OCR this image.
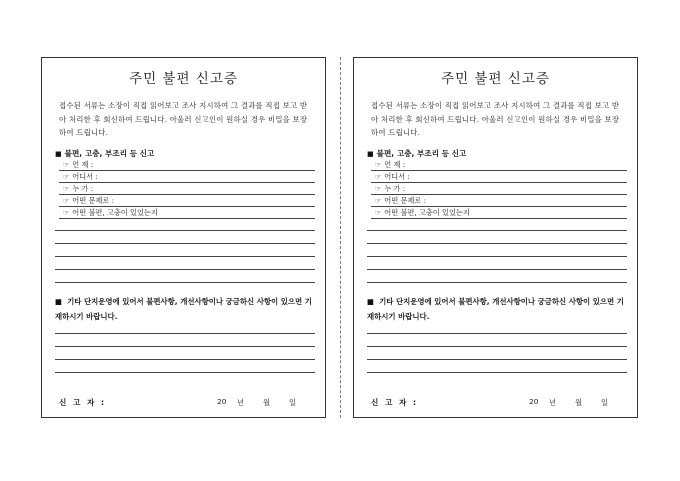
주민 불편 신고증
접수된 서류는 소장이 직접 읽어보고 조사 지시하여 그 결과를 직접 보고 받아 처리한 후 회신하여 드립니다. 아울러 신고인이 원하실 경우 비밀을 보장하여 드립니다.
■ 불편, 고충, 부조리 등 신고
☞ 언 제 :
☞ 어디서 :
☞ 누 가 :
☞ 어떤 문제로 :
☞ 어떤 불편, 고충이 있었는지
■  기타 단지운영에 있어서 불편사항, 개선사항이나 궁금하신 사항이 있으면 기재하시기 바랍니다.
신 고 자 :	20 년	월	일
주민 불편 신고증
접수된 서류는 소장이 직접 읽어보고 조사 지시하여 그 결과를 직접 보고 받아 처리한 후 회신하여 드립니다. 아울러 신고인이 원하실 경우 비밀을 보장하여 드립니다.
■ 불편, 고충, 부조리 등 신고
☞ 언 제 :
☞ 어디서 :
☞ 누 가 :
☞ 어떤 문제로 :
☞ 어떤 불편, 고충이 있었는지
■  기타 단지운영에 있어서 불편사항, 개선사항이나 궁금하신 사항이 있으면 기재하시기 바랍니다.
신 고 자 :	20 년	월	일
